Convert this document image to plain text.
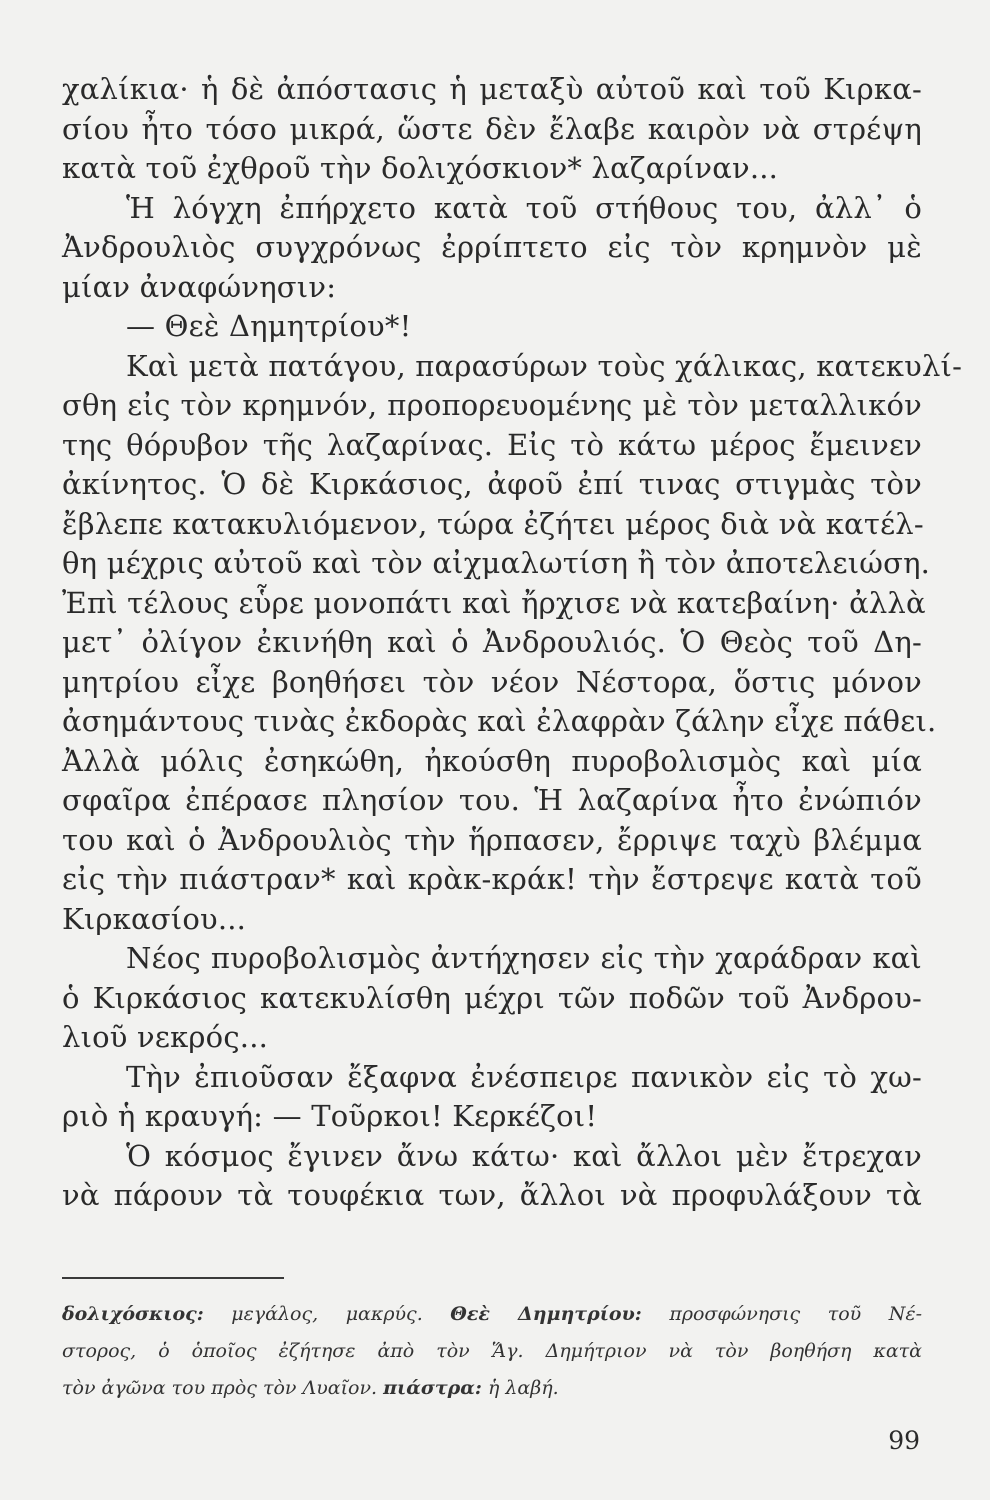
χαλίκια· ἡ δὲ ἀπόστασις ἡ μεταξὺ αὐτοῦ καὶ τοῦ Κιρκα-
σίου ἦτο τόσο μικρά, ὥστε δὲν ἔλαβε καιρὸν νὰ στρέψη
κατὰ τοῦ ἐχθροῦ τὴν δολιχόσκιον* λαζαρίναν...
Ἡ λόγχη ἐπήρχετο κατὰ τοῦ στήθους του, ἀλλ᾽ ὁ
Ἀνδρουλιὸς συγχρόνως ἐρρίπτετο εἰς τὸν κρημνὸν μὲ
μίαν ἀναφώνησιν:
— Θεὲ Δημητρίου*!
Καὶ μετὰ πατάγου, παρασύρων τοὺς χάλικας, κατεκυλί-
σθη εἰς τὸν κρημνόν, προπορευομένης μὲ τὸν μεταλλικόν
της θόρυβον τῆς λαζαρίνας. Εἰς τὸ κάτω μέρος ἔμεινεν
ἀκίνητος. Ὁ δὲ Κιρκάσιος, ἀφοῦ ἐπί τινας στιγμὰς τὸν
ἔβλεπε κατακυλιόμενον, τώρα ἐζήτει μέρος διὰ νὰ κατέλ-
θη μέχρις αὐτοῦ καὶ τὸν αἰχμαλωτίση ἢ τὸν ἀποτελειώση.
Ἐπὶ τέλους εὗρε μονοπάτι καὶ ἤρχισε νὰ κατεβαίνη· ἀλλὰ
μετ᾽ ὀλίγον ἐκινήθη καὶ ὁ Ἀνδρουλιός. Ὁ Θεὸς τοῦ Δη-
μητρίου εἶχε βοηθήσει τὸν νέον Νέστορα, ὅστις μόνον
ἀσημάντους τινὰς ἐκδορὰς καὶ ἐλαφρὰν ζάλην εἶχε πάθει.
Ἀλλὰ μόλις ἐσηκώθη, ἠκούσθη πυροβολισμὸς καὶ μία
σφαῖρα ἐπέρασε πλησίον του. Ἡ λαζαρίνα ἦτο ἐνώπιόν
του καὶ ὁ Ἀνδρουλιὸς τὴν ἥρπασεν, ἔρριψε ταχὺ βλέμμα
εἰς τὴν πιάστραν* καὶ κρὰκ-κράκ! τὴν ἔστρεψε κατὰ τοῦ
Κιρκασίου...
Νέος πυροβολισμὸς ἀντήχησεν εἰς τὴν χαράδραν καὶ
ὁ Κιρκάσιος κατεκυλίσθη μέχρι τῶν ποδῶν τοῦ Ἀνδρου-
λιοῦ νεκρός...
Τὴν ἐπιοῦσαν ἔξαφνα ἐνέσπειρε πανικὸν εἰς τὸ χω-
ριὸ ἡ κραυγή: — Τοῦρκοι! Κερκέζοι!
Ὁ κόσμος ἔγινεν ἄνω κάτω· καὶ ἄλλοι μὲν ἔτρεχαν
νὰ πάρουν τὰ τουφέκια των, ἄλλοι νὰ προφυλάξουν τὰ
δολιχόσκιος: μεγάλος, μακρύς. Θεὲ Δημητρίου: προσφώνησις τοῦ Νέ-
στορος, ὁ ὁποῖος ἐζήτησε ἀπὸ τὸν Ἅγ. Δημήτριον νὰ τὸν βοηθήση κατὰ
τὸν ἀγῶνα του πρὸς τὸν Λυαῖον. πιάστρα: ἡ λαβή.
99
